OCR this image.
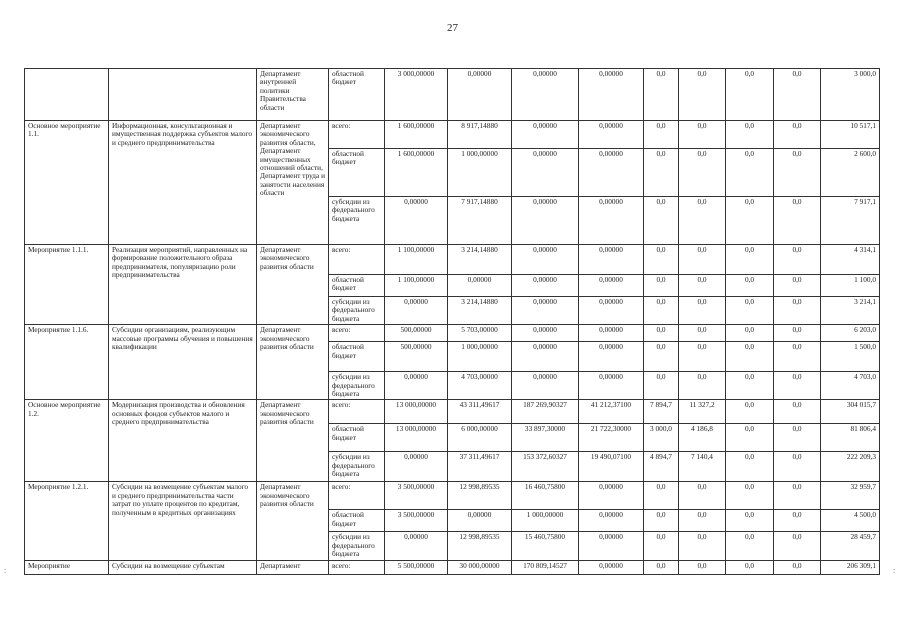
27
		Департамент внутренней политики Правительства области	областной бюджет	3 000,00000	0,00000	0,00000	0,00000	0,0	0,0	0,0	0,0	3 000,0
Основное мероприятие 1.1.	Информационная, консультационная и имущественная поддержка субъектов малого и среднего предпринимательства	Департамент экономического развития области, Департамент имущественных отношений области, Департамент труда и занятости населения области	всего:	1 600,00000	8 917,14880	0,00000	0,00000	0,0	0,0	0,0	0,0	10 517,1
			областной бюджет	1 600,00000	1 000,00000	0,00000	0,00000	0,0	0,0	0,0	0,0	2 600,0
			субсидии из федерального бюджета	0,00000	7 917,14880	0,00000	0,00000	0,0	0,0	0,0	0,0	7 917,1
Мероприятие 1.1.1.	Реализация мероприятий, направленных на формирование положительного образа предпринимателя, популяризацию роли предпринимательства	Департамент экономического развития области	всего:	1 100,00000	3 214,14880	0,00000	0,00000	0,0	0,0	0,0	0,0	4 314,1
			областной бюджет	1 100,00000	0,00000	0,00000	0,00000	0,0	0,0	0,0	0,0	1 100,0
			субсидии из федерального бюджета	0,00000	3 214,14880	0,00000	0,00000	0,0	0,0	0,0	0,0	3 214,1
Мероприятие 1.1.6.	Субсидии организациям, реализующим массовые программы обучения и повышения квалификации	Департамент экономического развития области	всего:	500,00000	5 703,00000	0,00000	0,00000	0,0	0,0	0,0	0,0	6 203,0
			областной бюджет	500,00000	1 000,00000	0,00000	0,00000	0,0	0,0	0,0	0,0	1 500,0
			субсидии из федерального бюджета	0,00000	4 703,00000	0,00000	0,00000	0,0	0,0	0,0	0,0	4 703,0
Основное мероприятие 1.2.	Модернизация производства и обновления основных фондов субъектов малого и среднего предпринимательства	Департамент экономического развития области	всего:	13 000,00000	43 311,49617	187 269,90327	41 212,37100	7 894,7	11 327,2	0,0	0,0	304 015,7
			областной бюджет	13 000,00000	6 000,00000	33 897,30000	21 722,30000	3 000,0	4 186,8	0,0	0,0	81 806,4
			субсидии из федерального бюджета	0,00000	37 311,49617	153 372,60327	19 490,07100	4 894,7	7 140,4	0,0	0,0	222 209,3
Мероприятие 1.2.1.	Субсидии на возмещение субъектам малого и среднего предпринимательства части затрат по уплате процентов по кредитам, полученным в кредитных организациях	Департамент экономического развития области	всего:	3 500,00000	12 998,89535	16 460,75800	0,00000	0,0	0,0	0,0	0,0	32 959,7
			областной бюджет	3 500,00000	0,00000	1 000,00000	0,00000	0,0	0,0	0,0	0,0	4 500,0
			субсидии из федерального бюджета	0,00000	12 998,89535	15 460,75800	0,00000	0,0	0,0	0,0	0,0	28 459,7
Мероприятие	Субсидии на возмещение субъектам	Департамент	всего:	5 500,00000	30 000,00000	170 809,14527	0,00000	0,0	0,0	0,0	0,0	206 309,1
:	:
